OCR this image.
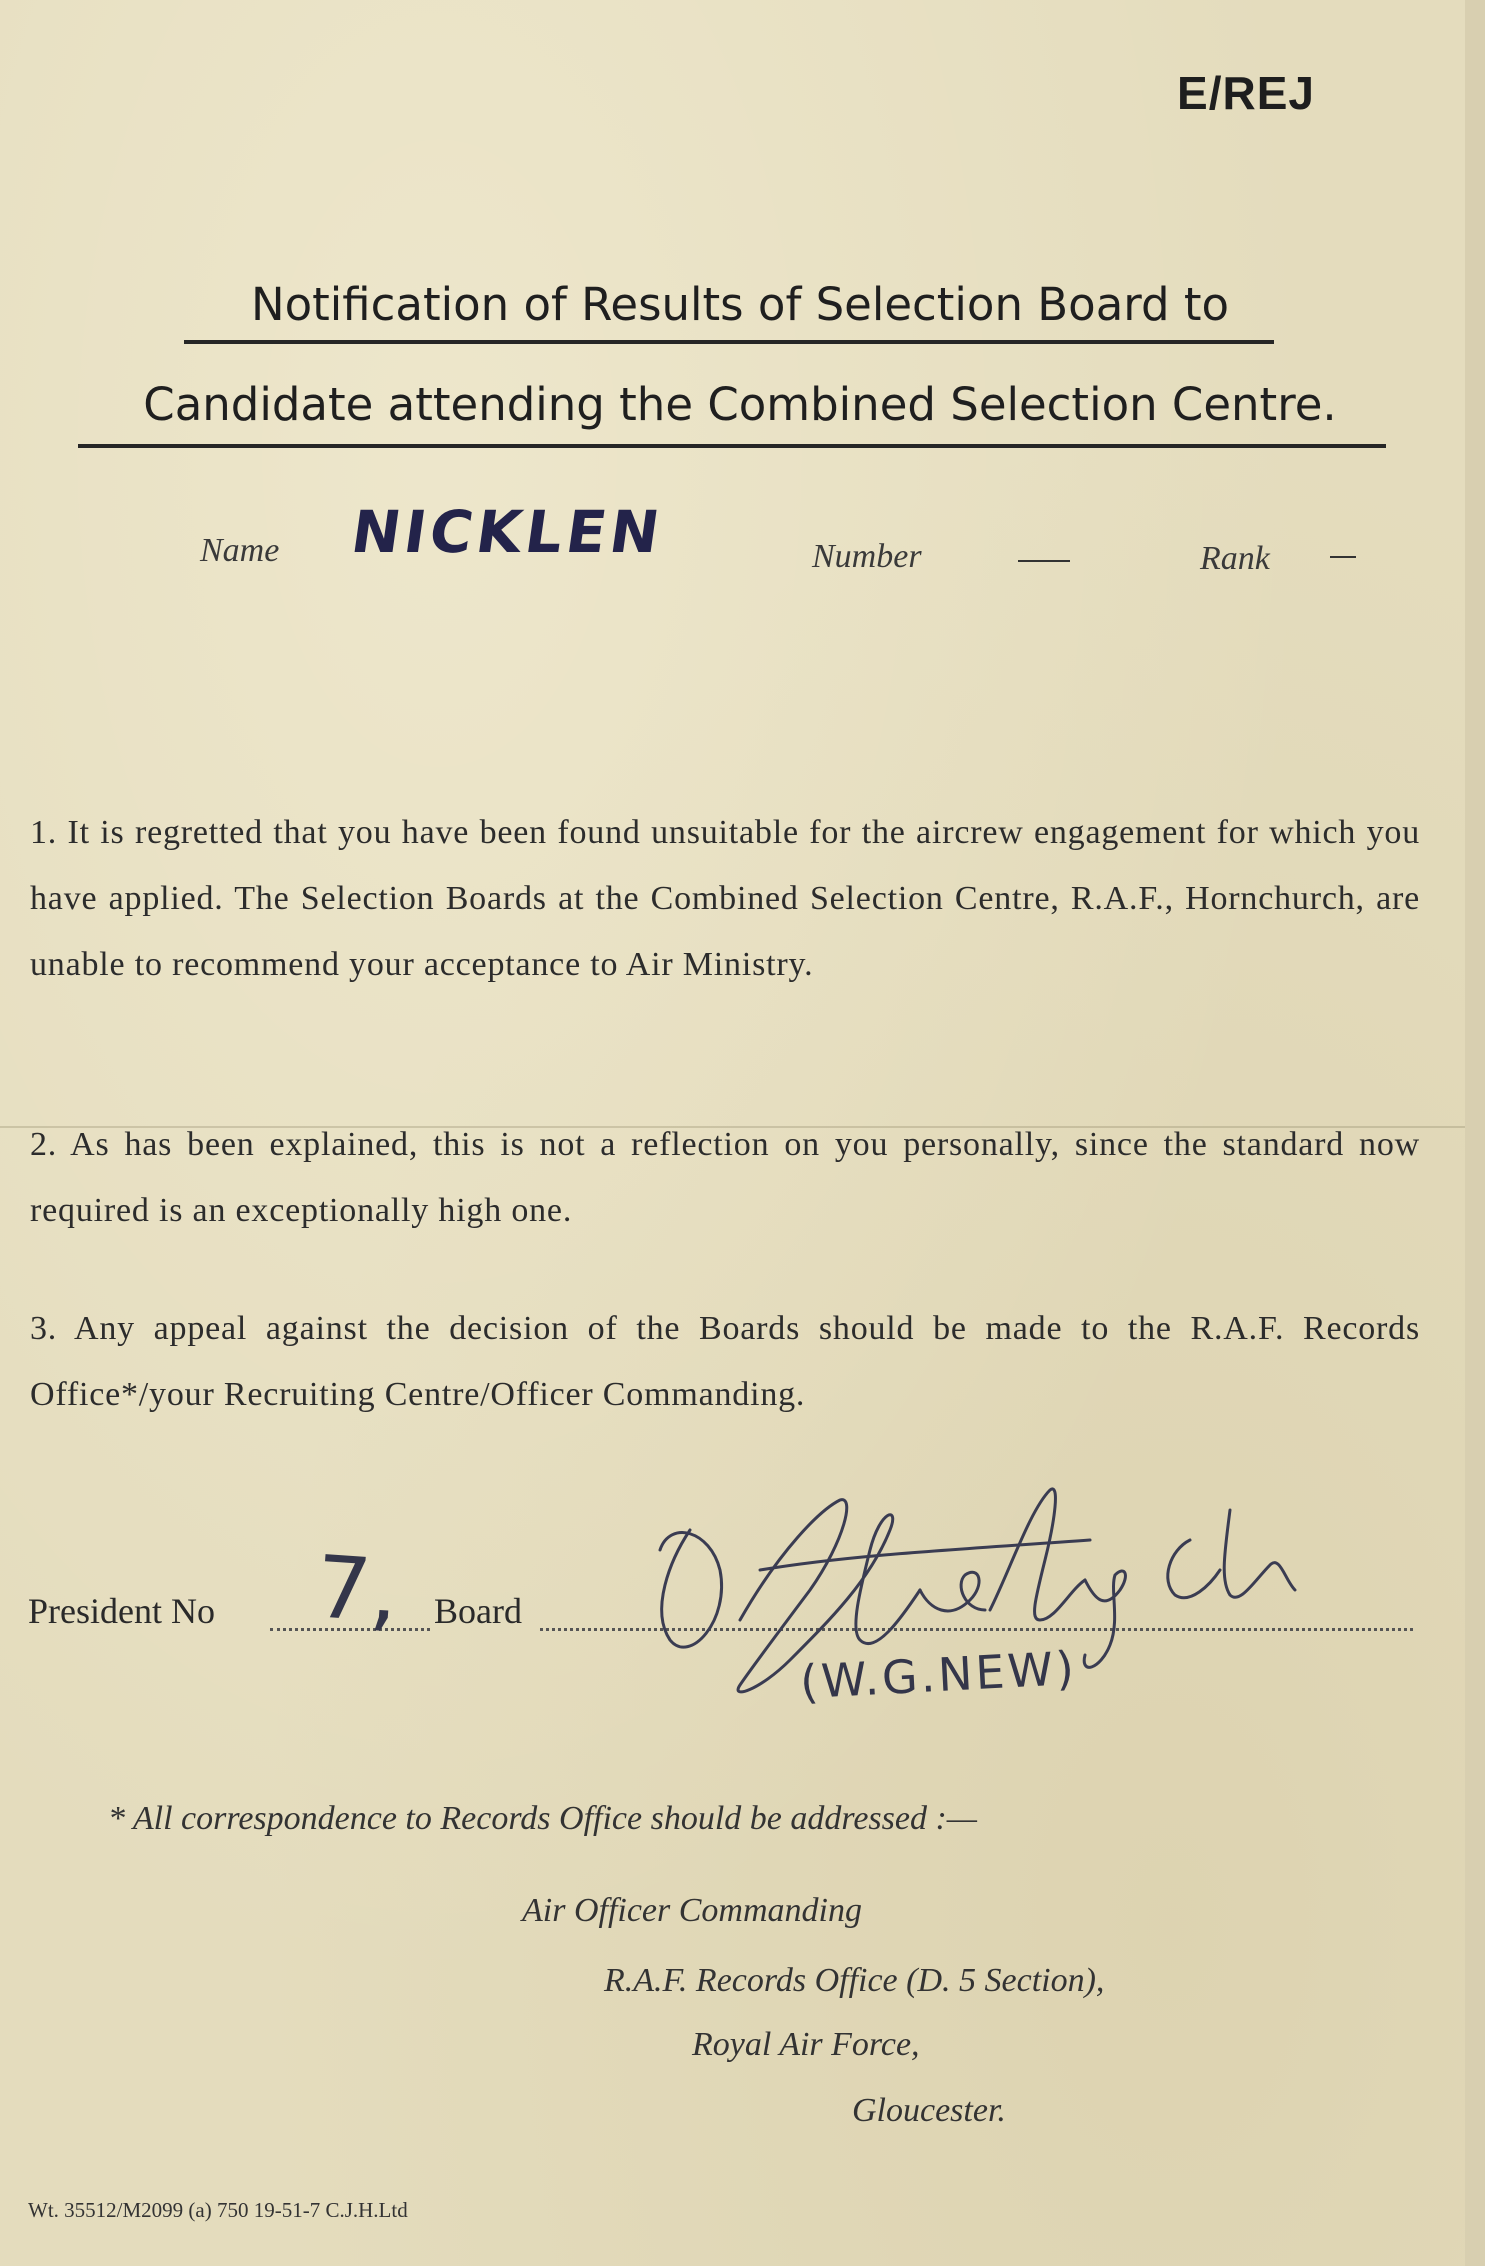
E/REJ
Notification of Results of Selection Board to
Candidate attending the Combined Selection Centre.
Name NICKLEN	Number	Rank
1. It is regretted that you have been found unsuitable for the aircrew engagement for which you have applied. The Selection Boards at the Combined Selection Centre, R.A.F., Hornchurch, are unable to recommend your acceptance to Air Ministry.
2. As has been explained, this is not a reflection on you personally, since the standard now required is an exceptionally high one.
3. Any appeal against the decision of the Boards should be made to the R.A.F. Records Office*/your Recruiting Centre/Officer Commanding.
President No	Board
7,
(W.G.NEW)
* All correspondence to Records Office should be addressed :—
Air Officer Commanding
R.A.F. Records Office (D. 5 Section),
Royal Air Force,
Gloucester.
Wt. 35512/M2099 (a) 750 19-51-7 C.J.H.Ltd
